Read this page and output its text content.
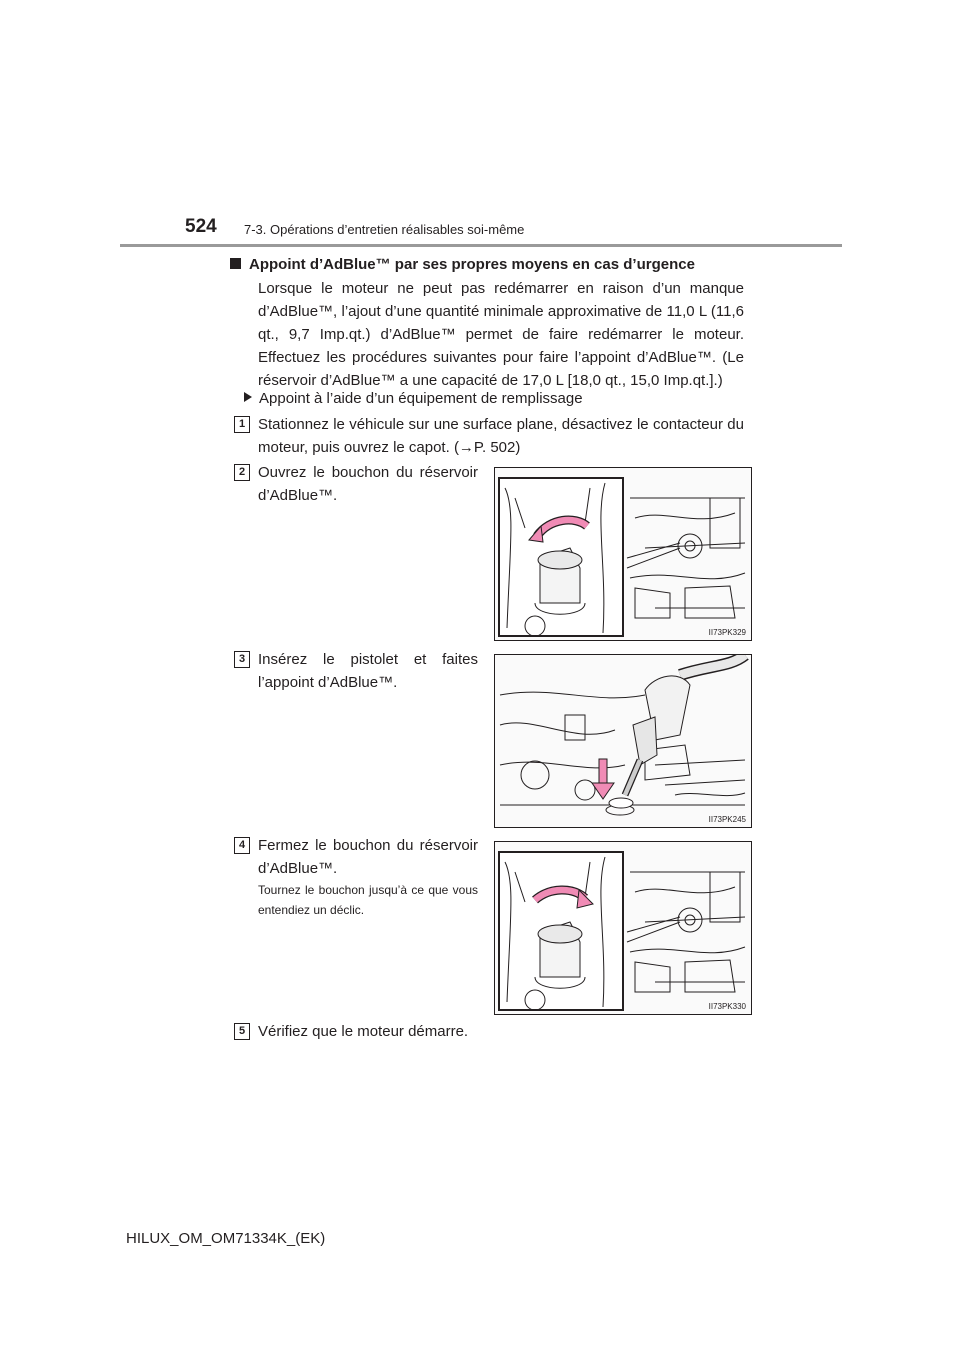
524 7-3. Opérations d’entretien réalisables soi-même
Appoint d’AdBlue™ par ses propres moyens en cas d’urgence
Lorsque le moteur ne peut pas redémarrer en raison d’un manque d’AdBlue™, l’ajout d’une quantité minimale approximative de 11,0 L (11,6 qt., 9,7 Imp.qt.) d’AdBlue™ permet de faire redémarrer le moteur. Effectuez les procédures suivantes pour faire l’appoint d’AdBlue™. (Le réservoir d’AdBlue™ a une capacité de 17,0 L [18,0 qt., 15,0 Imp.qt.].)
Appoint à l’aide d’un équipement de remplissage
1 Stationnez le véhicule sur une surface plane, désactivez le contacteur du moteur, puis ouvrez le capot. (→P. 502)
2 Ouvrez le bouchon du réservoir d’AdBlue™.
II73PK329
3 Insérez le pistolet et faites l’appoint d’AdBlue™.
II73PK245
4 Fermez le bouchon du réservoir d’AdBlue™.
Tournez le bouchon jusqu’à ce que vous entendiez un déclic.
II73PK330
5 Vérifiez que le moteur démarre.
HILUX_OM_OM71334K_(EK)
